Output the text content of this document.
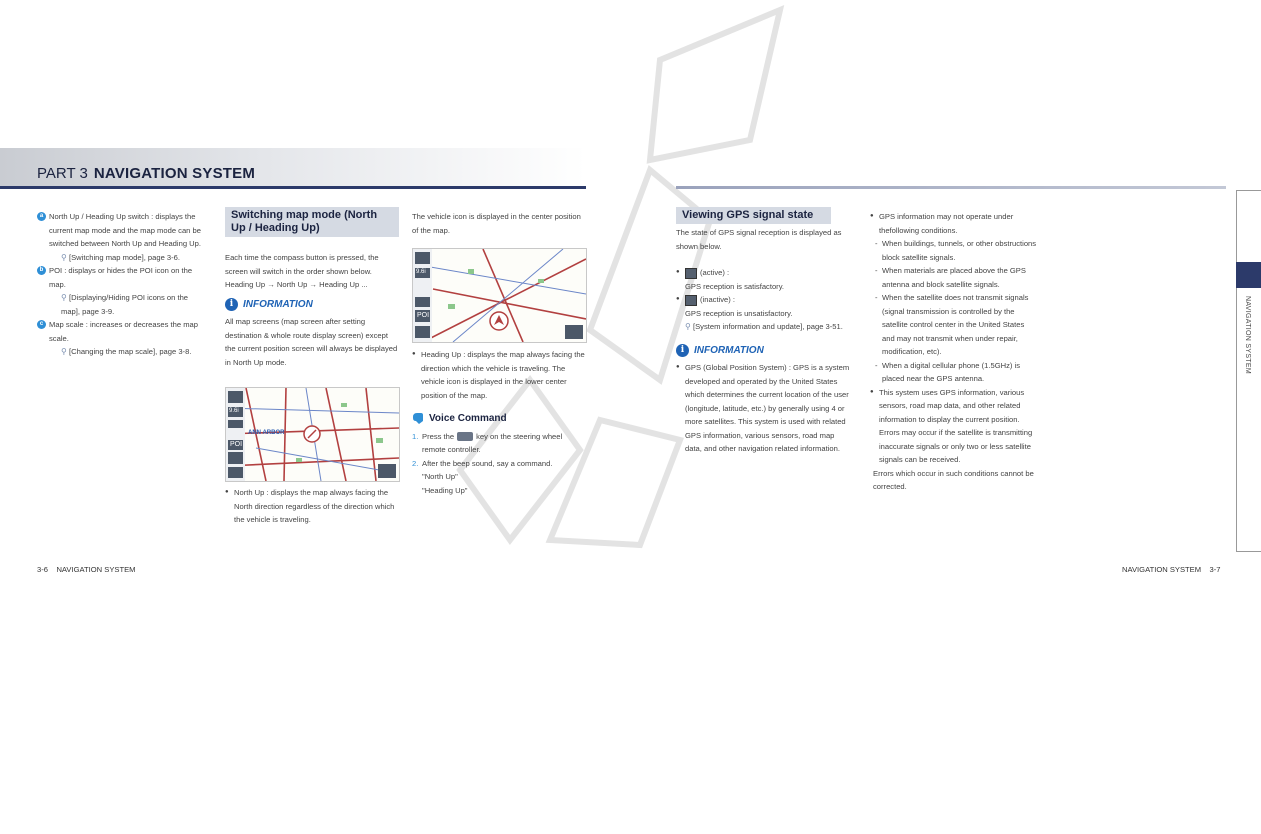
PART 3 NAVIGATION SYSTEM
a North Up / Heading Up switch : displays the current map mode and the map mode can be switched between North Up and Heading Up.

⚲ [Switching map mode], page 3-6.

b POI : displays or hides the POI icon on the map.

⚲ [Displaying/Hiding POI icons on the map], page 3-9.

c Map scale : increases or decreases the map scale.

⚲ [Changing the map scale], page 3-8.

Switching map mode (North Up / Heading Up)

Each time the compass button is pressed, the screen will switch in the order shown below. Heading Up → North Up → Heading Up ...

i INFORMATION

All map screens (map screen after setting destination & whole route display screen) except the current position screen will always be displayed in North Up mode.

ANN ARBOR
9.6i
POI

● North Up : displays the map always facing the North direction regardless of the direction which the vehicle is traveling.

The vehicle icon is displayed in the center position of the map.

9.6i
POI

● Heading Up : displays the map always facing the direction which the vehicle is traveling. The vehicle icon is displayed in the lower center position of the map.

Voice Command

1. Press the	key on the steering wheel remote controller.

2. After the beep sound, say a command.

"North Up"

"Heading Up"

Viewing GPS signal state

The state of GPS signal reception is displayed as shown below.

● (active) :

GPS reception is satisfactory.

● (inactive) :

GPS reception is unsatisfactory.

⚲ [System information and update], page 3-51.

i INFORMATION

● GPS (Global Position System) : GPS is a system developed and operated by the United States which determines the current location of the user (longitude, latitude, etc.) by generally using 4 or more satellites. This system is used with related GPS information, various sensors, road map data, and other navigation related information.

● GPS information may not operate under thefollowing conditions.

- When buildings, tunnels, or other obstructions block satellite signals.

- When materials are placed above the GPS antenna and block satellite signals.

- When the satellite does not transmit signals (signal transmission is controlled by the satellite control center in the United States and may not transmit when under repair, modification, etc).

- When a digital cellular phone (1.5GHz) is placed near the GPS antenna.

● This system uses GPS information, various sensors, road map data, and other related information to display the current position. Errors may occur if the satellite is transmitting inaccurate signals or only two or less satellite signals can be received.

Errors which occur in such conditions cannot be corrected.

NAVIGATION SYSTEM
3-6 NAVIGATION SYSTEM	NAVIGATION SYSTEM 3-7
